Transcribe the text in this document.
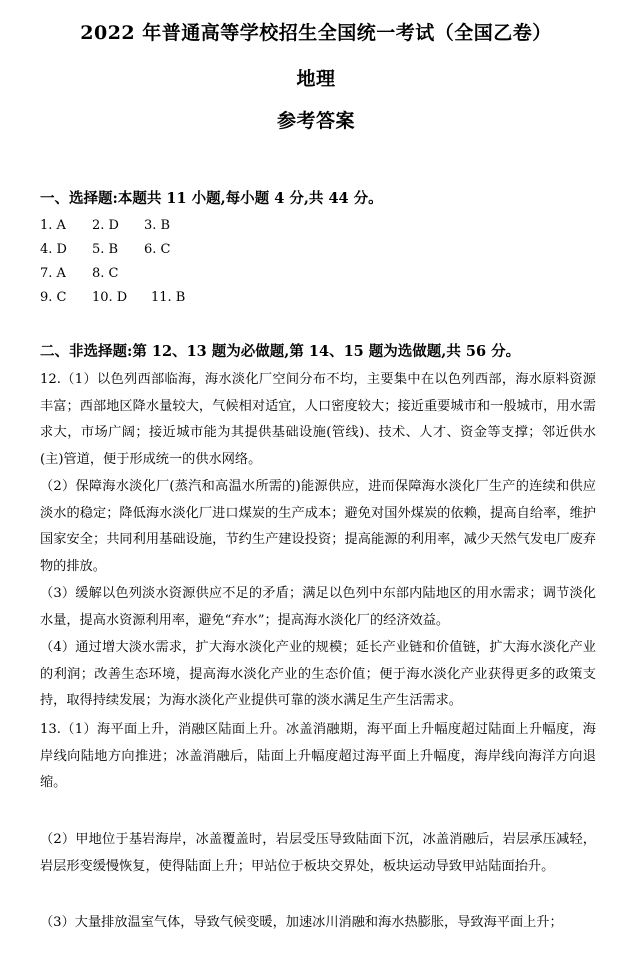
2022 年普通高等学校招生全国统一考试（全国乙卷）
地理
参考答案
一、选择题:本题共 11 小题,每小题 4 分,共 44 分。
1. A 2. D 3. B
4. D 5. B 6. C
7. A 8. C
9. C 10. D 11. B
二、非选择题:第 12、13 题为必做题,第 14、15 题为选做题,共 56 分。
12.（1）以色列西部临海，海水淡化厂空间分布不均，主要集中在以色列西部，海水原料资源丰富；西部地区降水量较大，气候相对适宜，人口密度较大；接近重要城市和一般城市，用水需求大，市场广阔；接近城市能为其提供基础设施(管线)、技术、人才、资金等支撑；邻近供水(主)管道，便于形成统一的供水网络。
（2）保障海水淡化厂(蒸汽和高温水所需的)能源供应，进而保障海水淡化厂生产的连续和供应淡水的稳定；降低海水淡化厂进口煤炭的生产成本；避免对国外煤炭的依赖，提高自给率，维护国家安全；共同利用基础设施，节约生产建设投资；提高能源的利用率，减少天然气发电厂废弃物的排放。
（3）缓解以色列淡水资源供应不足的矛盾；满足以色列中东部内陆地区的用水需求；调节淡化水量，提高水资源利用率，避免“弃水”；提高海水淡化厂的经济效益。
（4）通过增大淡水需求，扩大海水淡化产业的规模；延长产业链和价值链，扩大海水淡化产业的利润；改善生态环境，提高海水淡化产业的生态价值；便于海水淡化产业获得更多的政策支持，取得持续发展；为海水淡化产业提供可靠的淡水满足生产生活需求。
13.（1）海平面上升，消融区陆面上升。冰盖消融期，海平面上升幅度超过陆面上升幅度，海岸线向陆地方向推进；冰盖消融后，陆面上升幅度超过海平面上升幅度，海岸线向海洋方向退缩。
（2）甲地位于基岩海岸，冰盖覆盖时，岩层受压导致陆面下沉，冰盖消融后，岩层承压减轻，岩层形变缓慢恢复，使得陆面上升；甲站位于板块交界处，板块运动导致甲站陆面抬升。
（3）大量排放温室气体，导致气候变暖，加速冰川消融和海水热膨胀，导致海平面上升；
